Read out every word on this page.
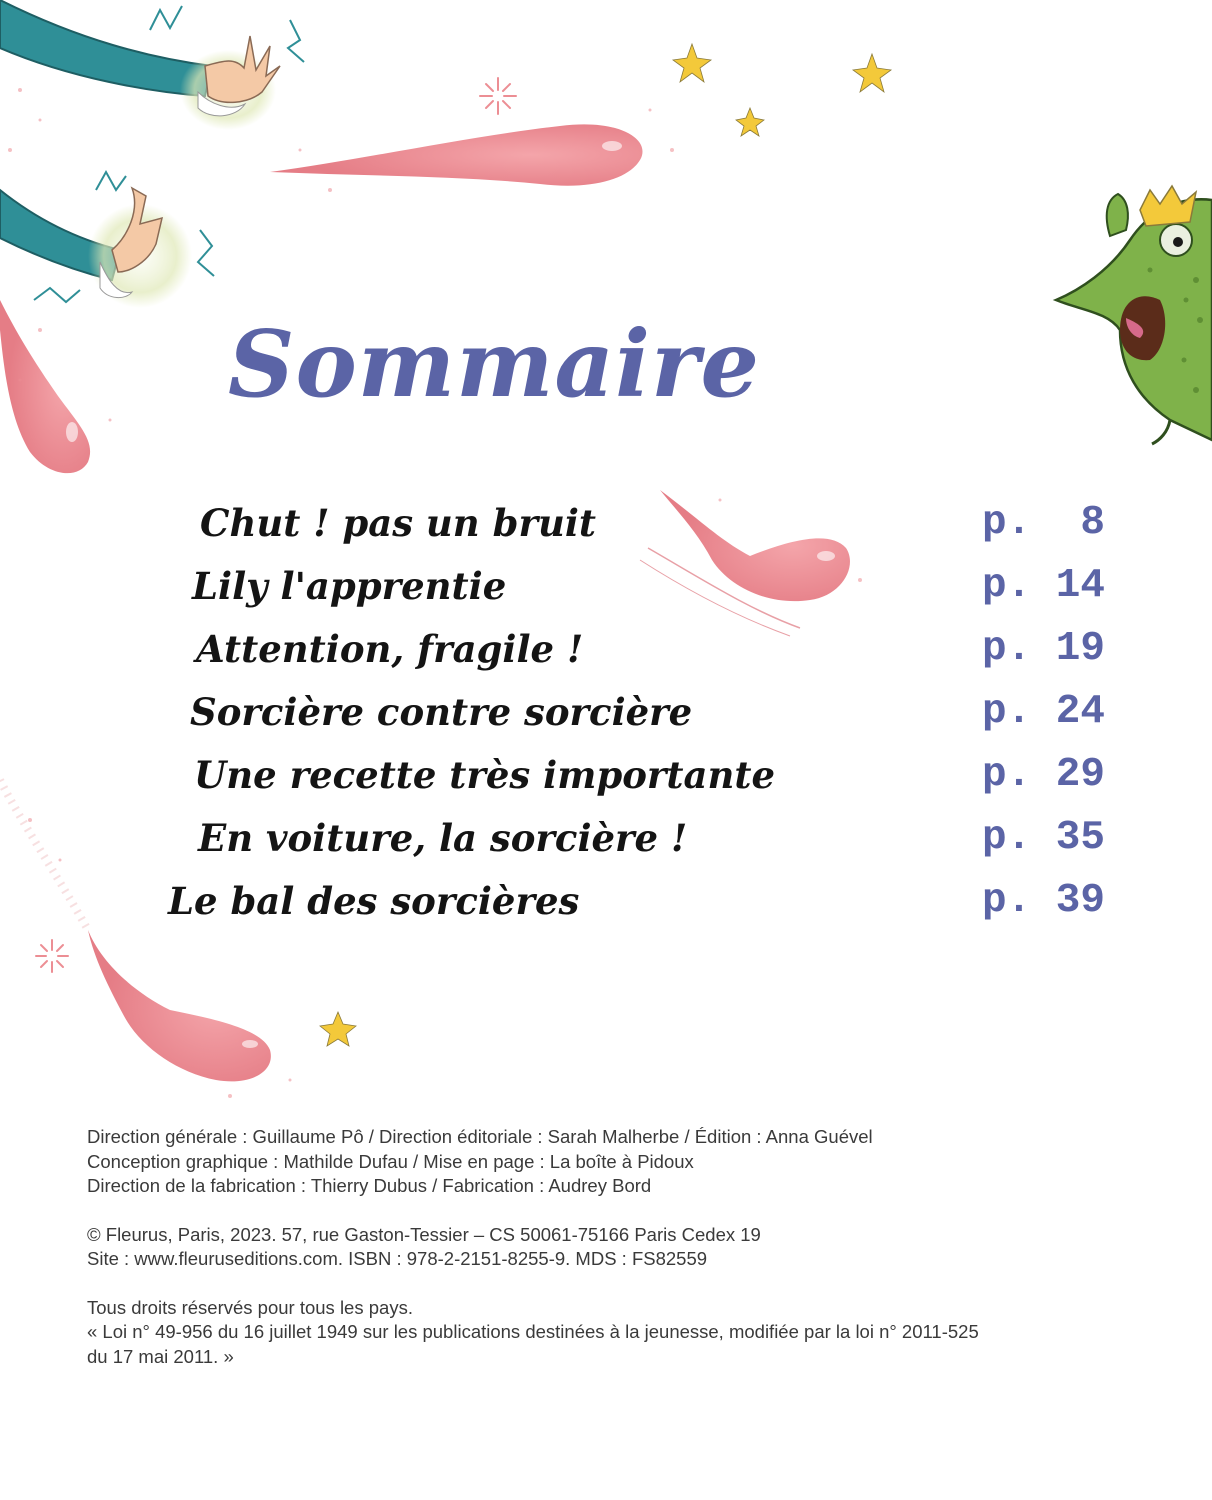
Sommaire
Chut ! pas un bruit	p.  8
Lily l'apprentie	p. 14
Attention, fragile !	p. 19
Sorcière contre sorcière	p. 24
Une recette très importante	p. 29
En voiture, la sorcière !	p. 35
Le bal des sorcières	p. 39
Direction générale : Guillaume Pô / Direction éditoriale : Sarah Malherbe / Édition : Anna Guével
Conception graphique : Mathilde Dufau / Mise en page : La boîte à Pidoux
Direction de la fabrication : Thierry Dubus / Fabrication : Audrey Bord
© Fleurus, Paris, 2023. 57, rue Gaston-Tessier – CS 50061-75166 Paris Cedex 19
Site : www.fleuruseditions.com. ISBN : 978-2-2151-8255-9. MDS : FS82559
Tous droits réservés pour tous les pays.
« Loi n° 49-956 du 16 juillet 1949 sur les publications destinées à la jeunesse, modifiée par la loi n° 2011-525
du 17 mai 2011. »
